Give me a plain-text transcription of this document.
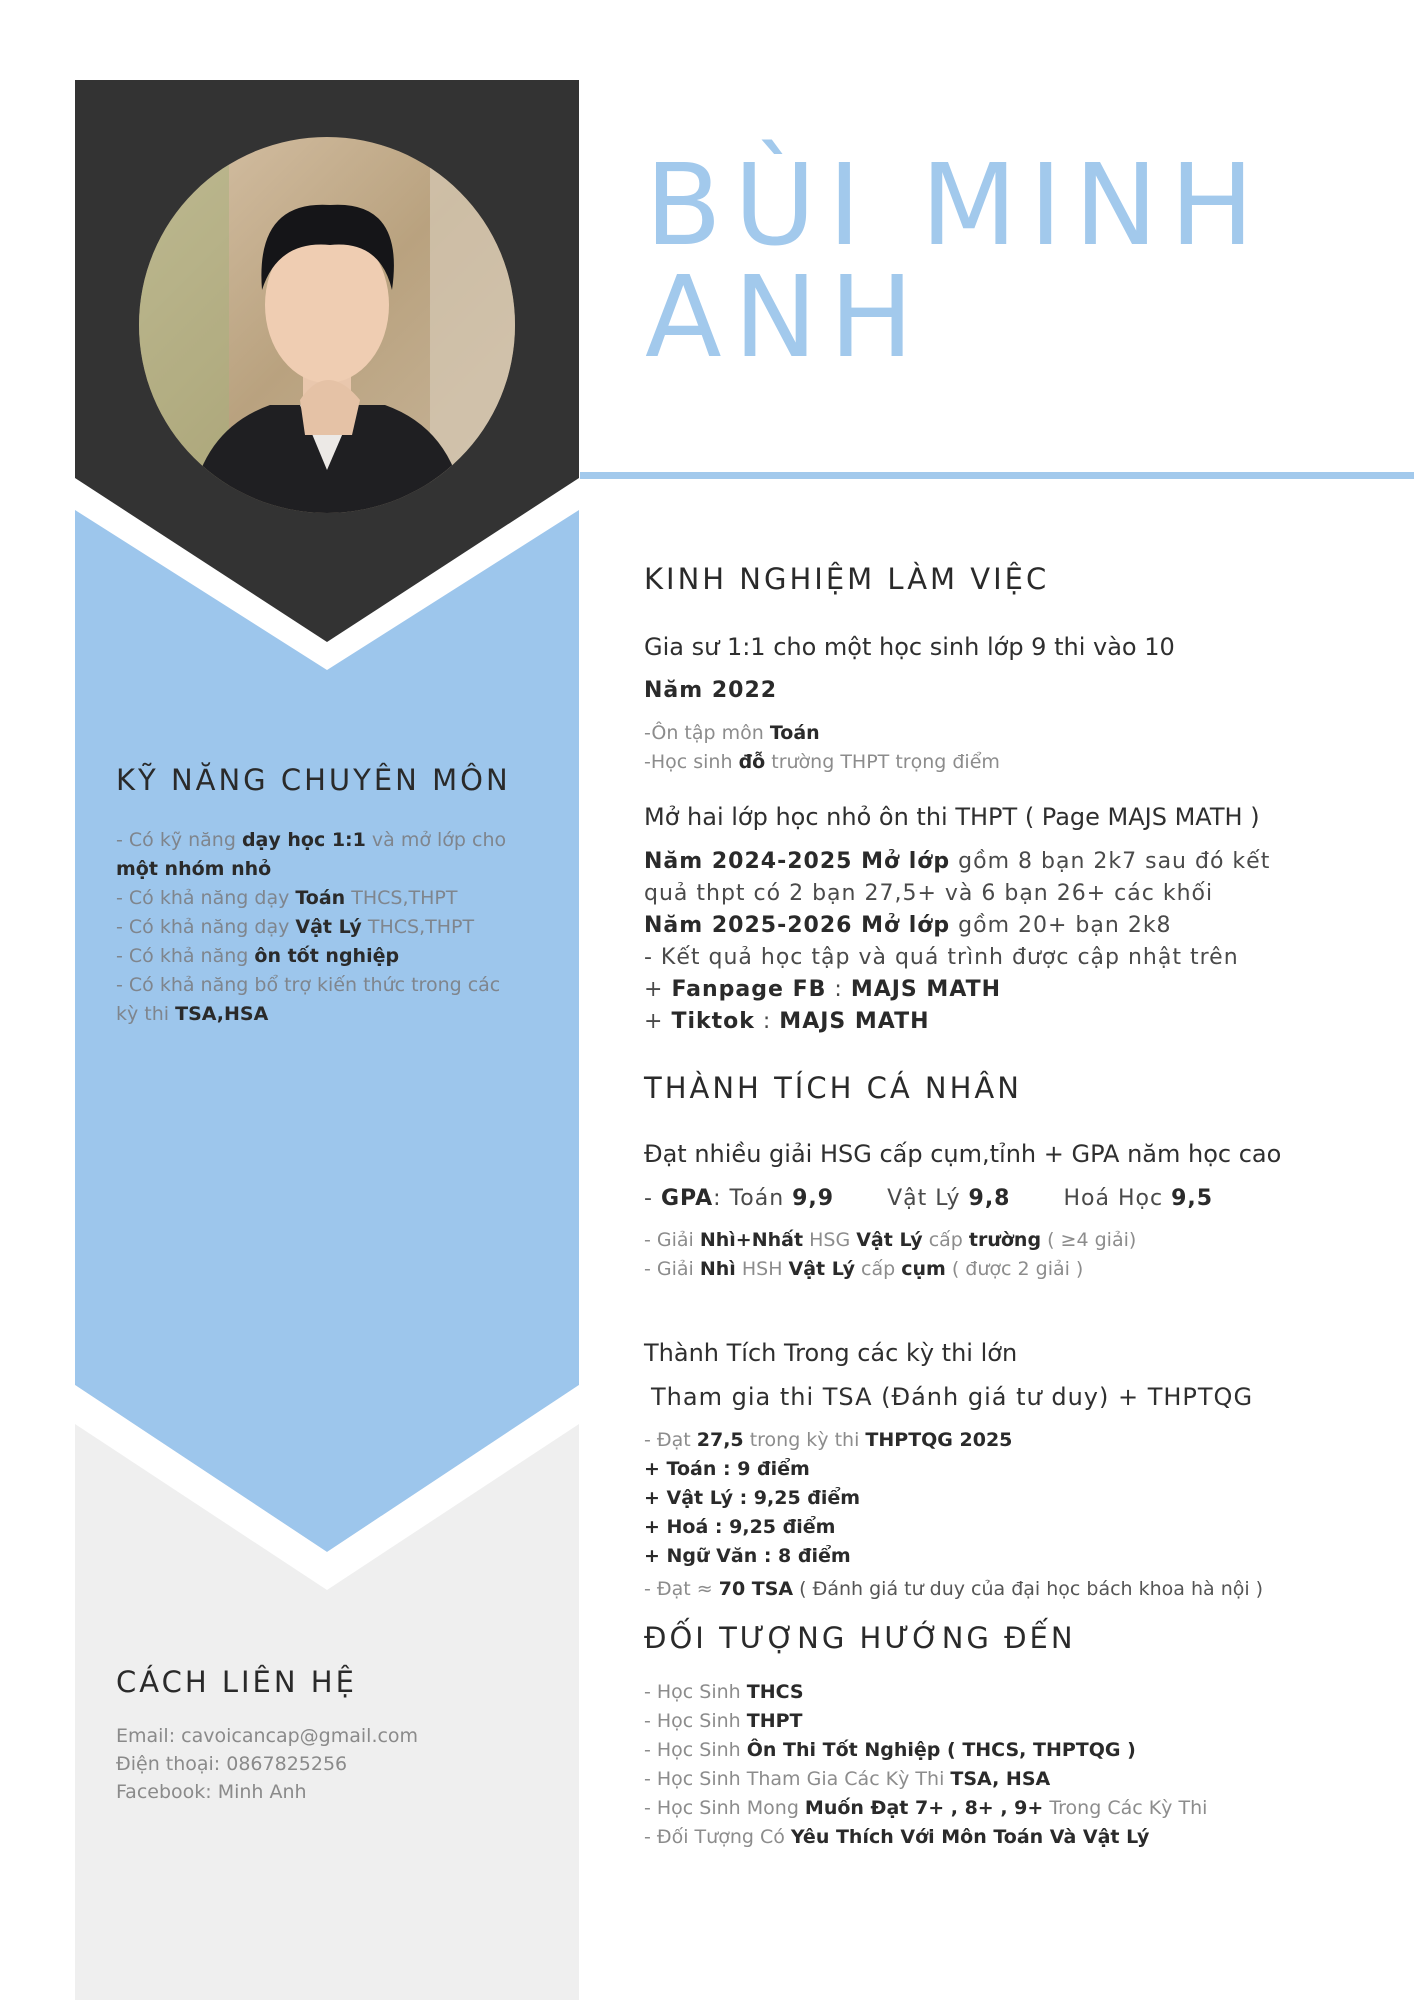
BÙI MINH
ANH
KỸ NĂNG CHUYÊN MÔN
- Có kỹ năng dạy học 1:1 và mở lớp cho
một nhóm nhỏ
- Có khả năng dạy Toán THCS,THPT
- Có khả năng dạy Vật Lý THCS,THPT
- Có khả năng ôn tốt nghiệp
- Có khả năng bổ trợ kiến thức trong các
kỳ thi TSA,HSA
CÁCH LIÊN HỆ
Email: cavoicancap@gmail.com
Điện thoại: 0867825256
Facebook: Minh Anh
KINH NGHIỆM LÀM VIỆC
Gia sư 1:1 cho một học sinh lớp 9 thi vào 10
Năm 2022
-Ôn tập môn Toán
-Học sinh đỗ trường THPT trọng điểm
Mở hai lớp học nhỏ ôn thi THPT ( Page MAJS MATH )
Năm 2024-2025 Mở lớp gồm 8 bạn 2k7 sau đó kết
quả thpt có 2 bạn 27,5+ và 6 bạn 26+ các khối
Năm 2025-2026 Mở lớp gồm 20+ bạn 2k8
- Kết quả học tập và quá trình được cập nhật trên
+ Fanpage FB : MAJS MATH
+ Tiktok : MAJS MATH
THÀNH TÍCH CÁ NHÂN
Đạt nhiều giải HSG cấp cụm,tỉnh + GPA năm học cao
- GPA: Toán 9,9 Vật Lý 9,8 Hoá Học 9,5
- Giải Nhì+Nhất HSG Vật Lý cấp trường ( ≥4 giải)
- Giải Nhì HSH Vật Lý cấp cụm ( được 2 giải )
Thành Tích Trong các kỳ thi lớn
Tham gia thi TSA (Đánh giá tư duy) + THPTQG
- Đạt 27,5 trong kỳ thi THPTQG 2025
+ Toán : 9 điểm
+ Vật Lý : 9,25 điểm
+ Hoá : 9,25 điểm
+ Ngữ Văn : 8 điểm
- Đạt ≈ 70 TSA ( Đánh giá tư duy của đại học bách khoa hà nội )
ĐỐI TƯỢNG HƯỚNG ĐẾN
- Học Sinh THCS
- Học Sinh THPT
- Học Sinh Ôn Thi Tốt Nghiệp ( THCS, THPTQG )
- Học Sinh Tham Gia Các Kỳ Thi TSA, HSA
- Học Sinh Mong Muốn Đạt 7+ , 8+ , 9+ Trong Các Kỳ Thi
- Đối Tượng Có Yêu Thích Với Môn Toán Và Vật Lý
